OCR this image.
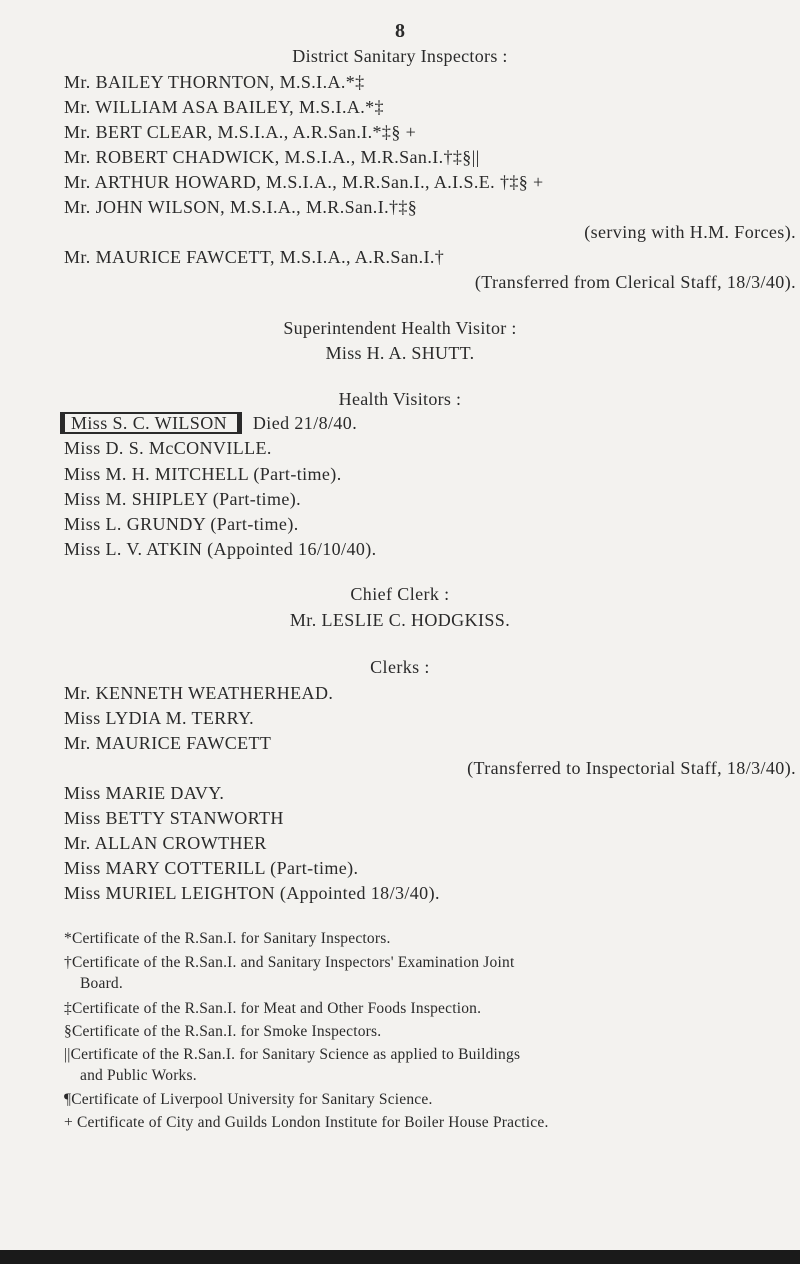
8
District Sanitary Inspectors :
Mr. BAILEY THORNTON, M.S.I.A.*‡
Mr. WILLIAM ASA BAILEY, M.S.I.A.*‡
Mr. BERT CLEAR, M.S.I.A., A.R.San.I.*‡§ +
Mr. ROBERT CHADWICK, M.S.I.A., M.R.San.I.†‡§||
Mr. ARTHUR HOWARD, M.S.I.A., M.R.San.I., A.I.S.E. †‡§ +
Mr. JOHN WILSON, M.S.I.A., M.R.San.I.†‡§
(serving with H.M. Forces).
Mr. MAURICE FAWCETT, M.S.I.A., A.R.San.I.†
(Transferred from Clerical Staff, 18/3/40).
Superintendent Health Visitor :
Miss H. A. SHUTT.
Health Visitors :
Miss S. C. WILSON Died 21/8/40.
Miss D. S. McCONVILLE.
Miss M. H. MITCHELL (Part-time).
Miss M. SHIPLEY (Part-time).
Miss L. GRUNDY (Part-time).
Miss L. V. ATKIN (Appointed 16/10/40).
Chief Clerk :
Mr. LESLIE C. HODGKISS.
Clerks :
Mr. KENNETH WEATHERHEAD.
Miss LYDIA M. TERRY.
Mr. MAURICE FAWCETT
(Transferred to Inspectorial Staff, 18/3/40).
Miss MARIE DAVY.
Miss BETTY STANWORTH
Mr. ALLAN CROWTHER
Miss MARY COTTERILL (Part-time).
Miss MURIEL LEIGHTON (Appointed 18/3/40).
*Certificate of the R.San.I. for Sanitary Inspectors.
†Certificate of the R.San.I. and Sanitary Inspectors' Examination Joint
Board.
‡Certificate of the R.San.I. for Meat and Other Foods Inspection.
§Certificate of the R.San.I. for Smoke Inspectors.
||Certificate of the R.San.I. for Sanitary Science as applied to Buildings
and Public Works.
¶Certificate of Liverpool University for Sanitary Science.
+ Certificate of City and Guilds London Institute for Boiler House Practice.
